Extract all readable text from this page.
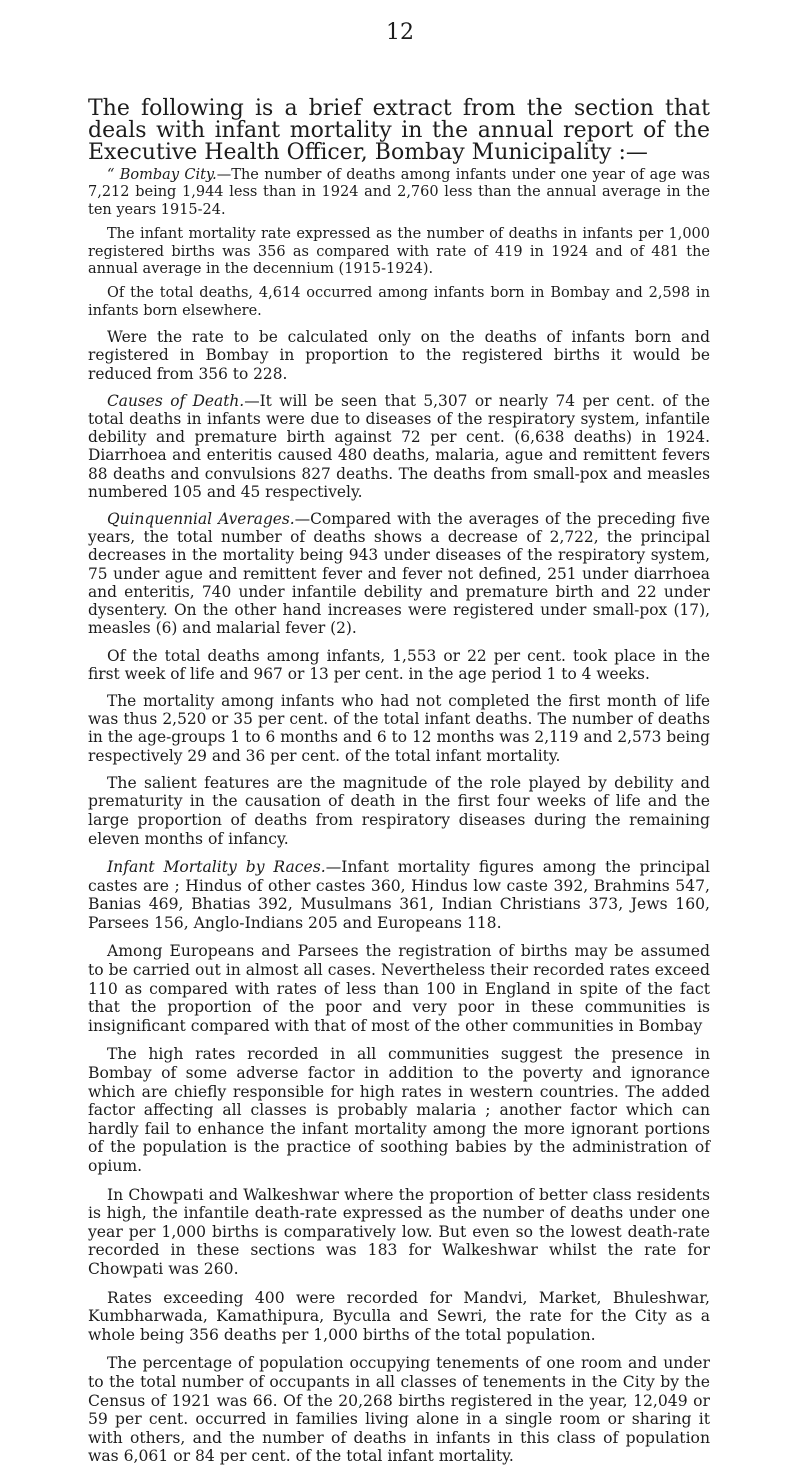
12
The following is a brief extract from the section that deals with infant mortality in the annual report of the Executive Health Officer, Bombay Municipality :—

“ Bombay City.—The number of deaths among infants under one year of age was 7,212 being 1,944 less than in 1924 and 2,760 less than the annual average in the ten years 1915-24.

The infant mortality rate expressed as the number of deaths in infants per 1,000 registered births was 356 as compared with rate of 419 in 1924 and of 481 the annual average in the decennium (1915-1924).

Of the total deaths, 4,614 occurred among infants born in Bombay and 2,598 in infants born elsewhere.

Were the rate to be calculated only on the deaths of infants born and registered in Bombay in proportion to the registered births it would be reduced from 356 to 228.

Causes of Death.—It will be seen that 5,307 or nearly 74 per cent. of the total deaths in infants were due to diseases of the respiratory system, infantile debility and premature birth against 72 per cent. (6,638 deaths) in 1924. Diarrhoea and enteritis caused 480 deaths, malaria, ague and remittent fevers 88 deaths and convulsions 827 deaths. The deaths from small-pox and measles numbered 105 and 45 respectively.

Quinquennial Averages.—Compared with the averages of the preceding five years, the total number of deaths shows a decrease of 2,722, the principal decreases in the mortality being 943 under diseases of the respiratory system, 75 under ague and remittent fever and fever not defined, 251 under diarrhoea and enteritis, 740 under infantile debility and premature birth and 22 under dysentery. On the other hand increases were registered under small-pox (17), measles (6) and malarial fever (2).

Of the total deaths among infants, 1,553 or 22 per cent. took place in the first week of life and 967 or 13 per cent. in the age period 1 to 4 weeks.

The mortality among infants who had not completed the first month of life was thus 2,520 or 35 per cent. of the total infant deaths. The number of deaths in the age-groups 1 to 6 months and 6 to 12 months was 2,119 and 2,573 being respectively 29 and 36 per cent. of the total infant mortality.

The salient features are the magnitude of the role played by debility and prematurity in the causation of death in the first four weeks of life and the large proportion of deaths from respiratory diseases during the remaining eleven months of infancy.

Infant Mortality by Races.—Infant mortality figures among the principal castes are ; Hindus of other castes 360, Hindus low caste 392, Brahmins 547, Banias 469, Bhatias 392, Musulmans 361, Indian Christians 373, Jews 160, Parsees 156, Anglo-Indians 205 and Europeans 118.

Among Europeans and Parsees the registration of births may be assumed to be carried out in almost all cases. Nevertheless their recorded rates exceed 110 as compared with rates of less than 100 in England in spite of the fact that the proportion of the poor and very poor in these communities is insignificant compared with that of most of the other communities in Bombay

The high rates recorded in all communities suggest the presence in Bombay of some adverse factor in addition to the poverty and ignorance which are chiefly responsible for high rates in western countries. The added factor affecting all classes is probably malaria ; another factor which can hardly fail to enhance the infant mortality among the more ignorant portions of the population is the practice of soothing babies by the administration of opium.

In Chowpati and Walkeshwar where the proportion of better class residents is high, the infantile death-rate expressed as the number of deaths under one year per 1,000 births is comparatively low. But even so the lowest death-rate recorded in these sections was 183 for Walkeshwar whilst the rate for Chowpati was 260.

Rates exceeding 400 were recorded for Mandvi, Market, Bhuleshwar, Kumbharwada, Kamathipura, Byculla and Sewri, the rate for the City as a whole being 356 deaths per 1,000 births of the total population.

The percentage of population occupying tenements of one room and under to the total number of occupants in all classes of tenements in the City by the Census of 1921 was 66. Of the 20,268 births registered in the year, 12,049 or 59 per cent. occurred in families living alone in a single room or sharing it with others, and the number of deaths in infants in this class of population was 6,061 or 84 per cent. of the total infant mortality.
